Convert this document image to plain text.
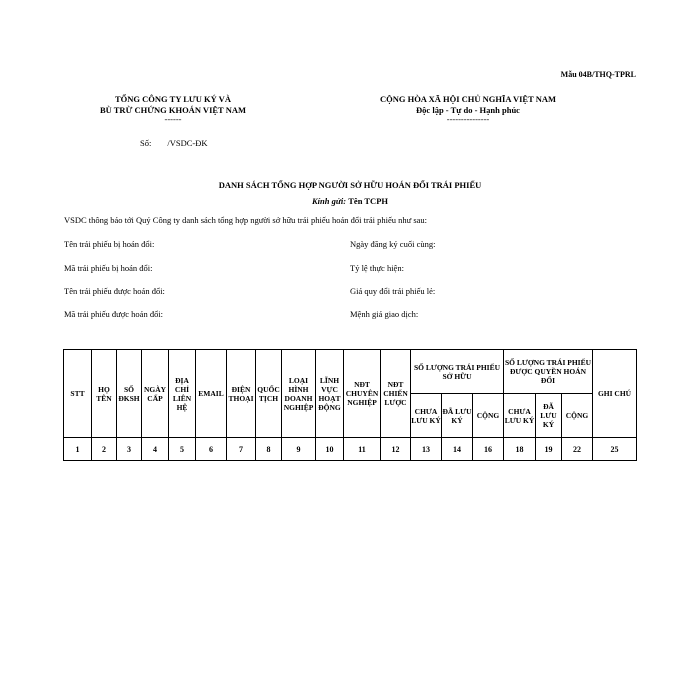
Mẫu 04B/THQ-TPRL
TỔNG CÔNG TY LƯU KÝ VÀ
BÙ TRỪ CHỨNG KHOÁN VIỆT NAM
------
CỘNG HÒA XÃ HỘI CHỦ NGHĨA VIỆT NAM
Độc lập - Tự do - Hạnh phúc
---------------
Số: /VSDC-ĐK
DANH SÁCH TỔNG HỢP NGƯỜI SỞ HỮU HOÁN ĐỔI TRÁI PHIẾU
Kính gửi: Tên TCPH
VSDC thông báo tới Quý Công ty danh sách tổng hợp người sở hữu trái phiếu hoán đổi trái phiếu như sau:
Tên trái phiếu bị hoán đổi:
Mã trái phiếu bị hoán đổi:
Tên trái phiếu được hoán đổi:
Mã trái phiếu được hoán đổi:
Ngày đăng ký cuối cùng:
Tỷ lệ thực hiện:
Giá quy đổi trái phiếu lẻ:
Mệnh giá giao dịch:
STT	HỌ TÊN	SỐ ĐKSH	NGÀY CẤP	ĐỊA CHỈ LIÊN HỆ	EMAIL	ĐIỆN THOẠI	QUỐC TỊCH	LOẠI HÌNH DOANH NGHIỆP	LĨNH VỰC HOẠT ĐỘNG	NĐT CHUYÊN NGHIỆP	NĐT CHIẾN LƯỢC	SỐ LƯỢNG TRÁI PHIẾU SỞ HỮU			SỐ LƯỢNG TRÁI PHIẾU ĐƯỢC QUYỀN HOÁN ĐỔI			GHI CHÚ
												CHƯA LƯU KÝ	ĐÃ LƯU KÝ	CỘNG	CHƯA LƯU KÝ	ĐÃ LƯU KÝ	CỘNG	
1	2	3	4	5	6	7	8	9	10	11	12	13	14	16	18	19	22	25
